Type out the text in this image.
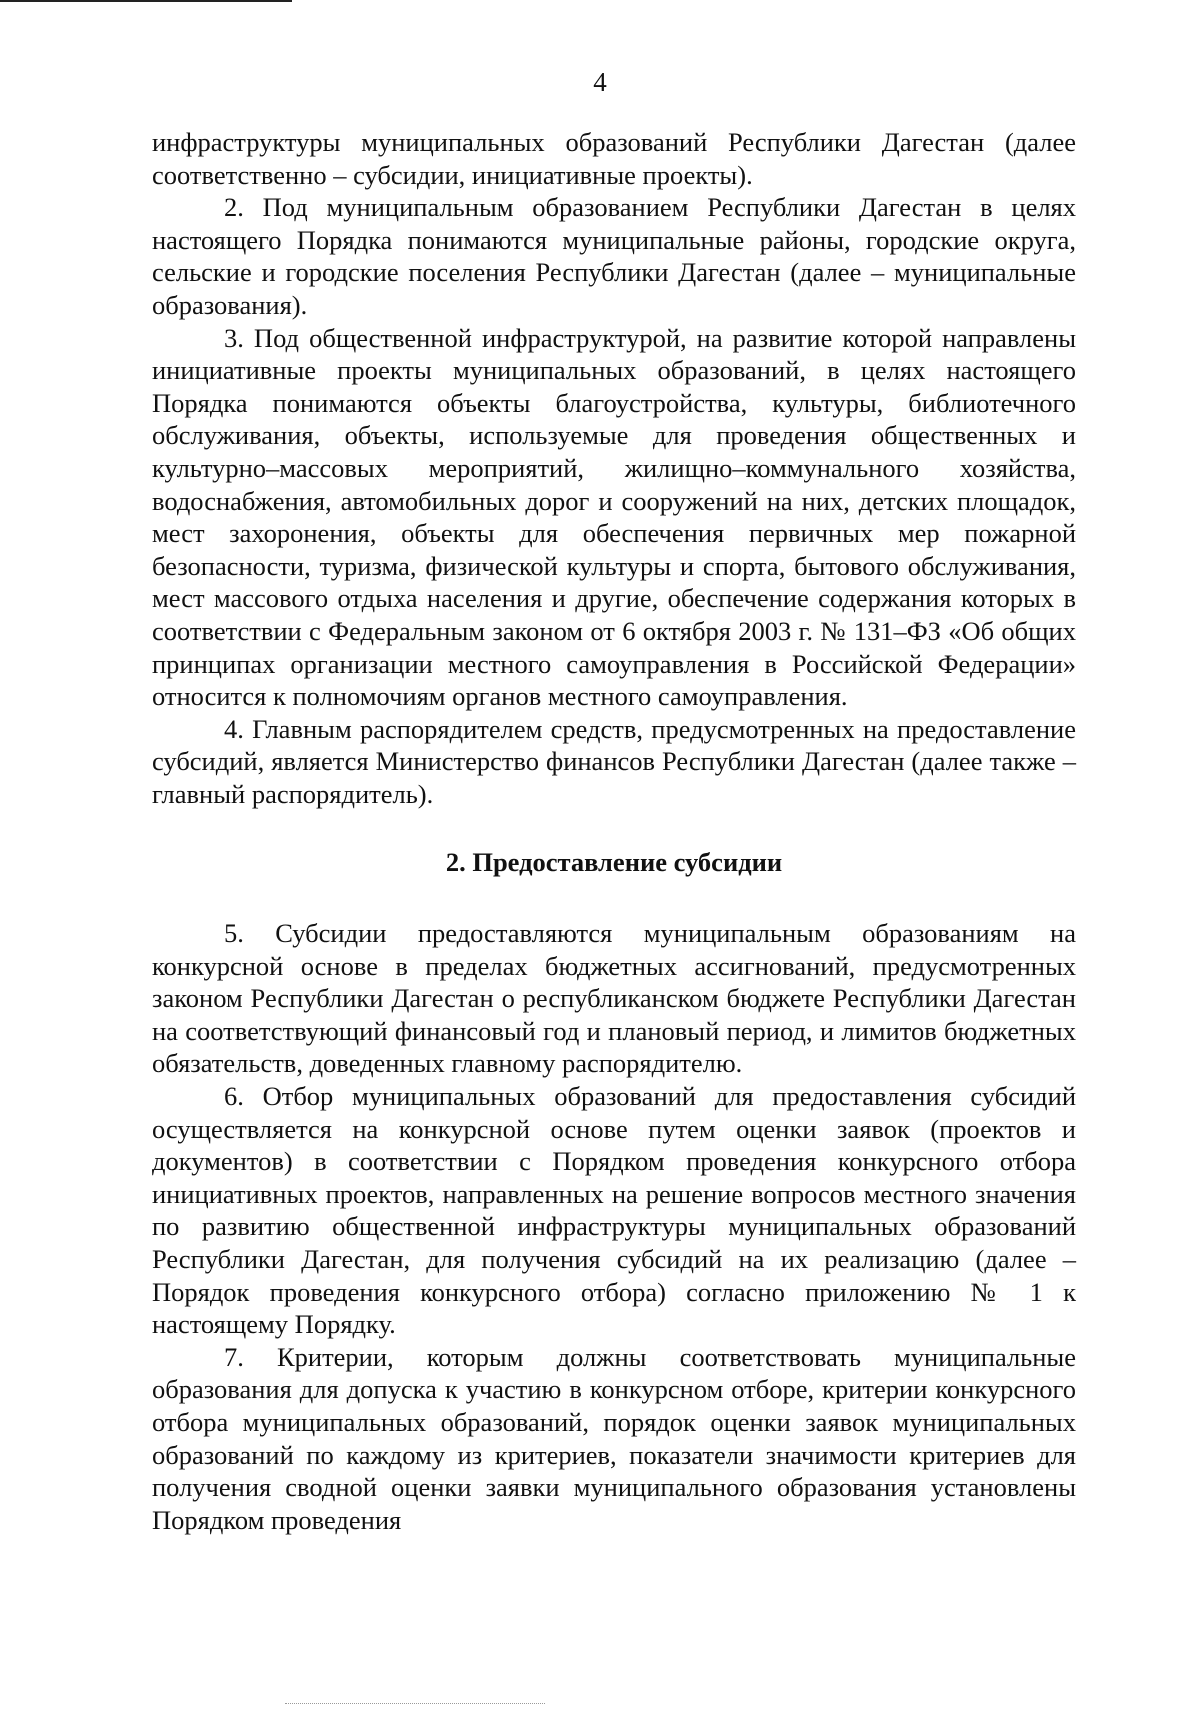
4

инфраструктуры муниципальных образований Республики Дагестан (далее соответственно – субсидии, инициативные проекты).

2. Под муниципальным образованием Республики Дагестан в целях настоящего Порядка понимаются муниципальные районы, городские округа, сельские и городские поселения Республики Дагестан (далее – муниципальные образования).

3. Под общественной инфраструктурой, на развитие которой направлены инициативные проекты муниципальных образований, в целях настоящего Порядка понимаются объекты благоустройства, культуры, библиотечного обслуживания, объекты, используемые для проведения общественных и культурно–массовых мероприятий, жилищно–коммунального хозяйства, водоснабжения, автомобильных дорог и сооружений на них, детских площадок, мест захоронения, объекты для обеспечения первичных мер пожарной безопасности, туризма, физической культуры и спорта, бытового обслуживания, мест массового отдыха населения и другие, обеспечение содержания которых в соответствии с Федеральным законом от 6 октября 2003 г. № 131–ФЗ «Об общих принципах организации местного самоуправления в Российской Федерации» относится к полномочиям органов местного самоуправления.

4. Главным распорядителем средств, предусмотренных на предоставление субсидий, является Министерство финансов Республики Дагестан (далее также – главный распорядитель).

2. Предоставление субсидии

5. Субсидии предоставляются муниципальным образованиям на конкурсной основе в пределах бюджетных ассигнований, предусмотренных законом Республики Дагестан о республиканском бюджете Республики Дагестан на соответствующий финансовый год и плановый период, и лимитов бюджетных обязательств, доведенных главному распорядителю.

6. Отбор муниципальных образований для предоставления субсидий осуществляется на конкурсной основе путем оценки заявок (проектов и документов) в соответствии с Порядком проведения конкурсного отбора инициативных проектов, направленных на решение вопросов местного значения по развитию общественной инфраструктуры муниципальных образований Республики Дагестан, для получения субсидий на их реализацию (далее – Порядок проведения конкурсного отбора) согласно приложению № 1 к настоящему Порядку.

7. Критерии, которым должны соответствовать муниципальные образования для допуска к участию в конкурсном отборе, критерии конкурсного отбора муниципальных образований, порядок оценки заявок муниципальных образований по каждому из критериев, показатели значимости критериев для получения сводной оценки заявки муниципального образования установлены Порядком проведения
